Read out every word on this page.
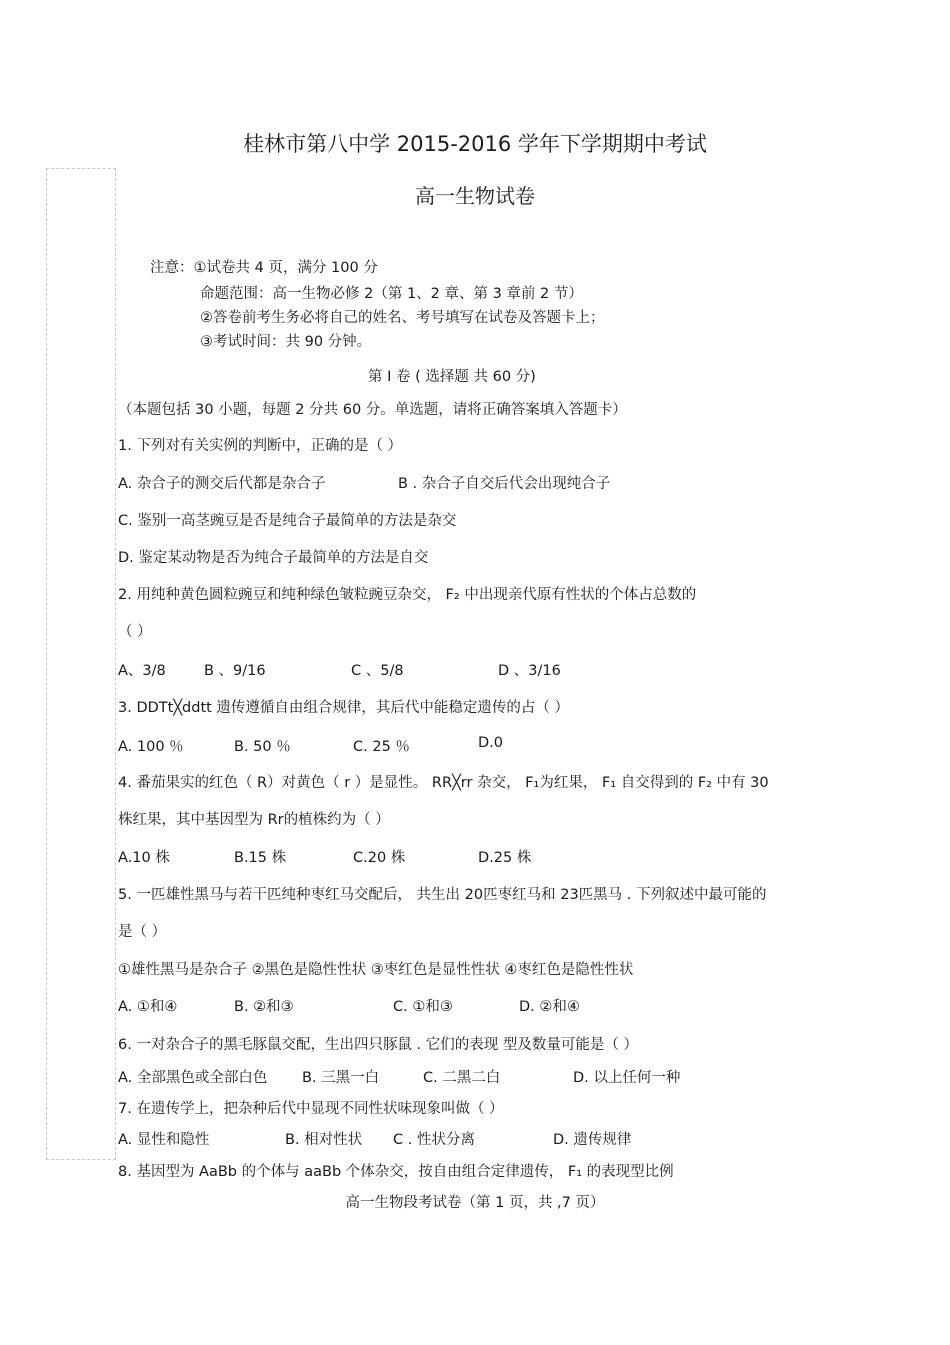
桂林市第八中学 2015-2016 学年下学期期中考试
高一生物试卷
注意：①试卷共 4 页，满分 100 分
命题范围：高一生物必修 2（第 1、2 章、第 3 章前 2 节）
②答卷前考生务必将自己的姓名、考号填写在试卷及答题卡上；
③考试时间：共 90 分钟。
第 I 卷 ( 选择题 共 60 分)
（本题包括 30 小题，每题 2 分共 60 分。单选题，请将正确答案填入答题卡）
1. 下列对有关实例的判断中，正确的是（ ）
A. 杂合子的测交后代都是杂合子	B . 杂合子自交后代会出现纯合子
C. 鉴别一高茎豌豆是否是纯合子最简单的方法是杂交
D. 鉴定某动物是否为纯合子最简单的方法是自交
2. 用纯种黄色圆粒豌豆和纯种绿色皱粒豌豆杂交， F₂ 中出现亲代原有性状的个体占总数的
（ ）
A、3/8	B 、9/16	C 、5/8	D 、3/16
3. DDTt╳ddtt 遗传遵循自由组合规律，其后代中能稳定遗传的占（ ）
A. 100 ％	B. 50 ％	C. 25 ％	D.0
4. 番茄果实的红色（ R）对黄色（ r ）是显性。 RR╳rr 杂交， F₁为红果， F₁ 自交得到的 F₂ 中有 30
株红果，其中基因型为 Rr的植株约为（ ）
A.10 株	B.15 株	C.20 株	D.25 株
5. 一匹雄性黑马与若干匹纯种枣红马交配后， 共生出 20匹枣红马和 23匹黑马 . 下列叙述中最可能的
是（ ）
①雄性黑马是杂合子 ②黑色是隐性性状 ③枣红色是显性性状 ④枣红色是隐性性状
A. ①和④	B. ②和③	C. ①和③	D. ②和④
6. 一对杂合子的黑毛豚鼠交配，生出四只豚鼠 . 它们的表现 型及数量可能是（ ）
A. 全部黑色或全部白色 B. 三黑一白	C. 二黑二白	D. 以上任何一种
7. 在遗传学上，把杂种后代中显现不同性状味现象叫做（ ）
A. 显性和隐性	B. 相对性状 C . 性状分离	D. 遗传规律
8. 基因型为 AaBb 的个体与 aaBb 个体杂交，按自由组合定律遗传， F₁ 的表现型比例
高一生物段考试卷（第 1 页，共 ,7 页）
